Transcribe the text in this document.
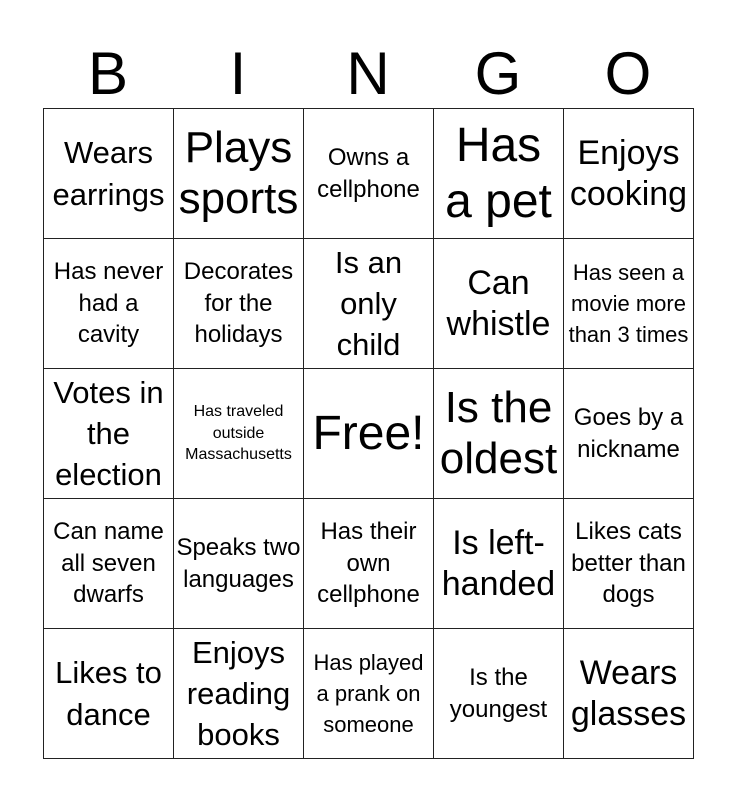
B	I	N	G	O
Wears earrings	Plays sports	Owns a cellphone	Has a pet	Enjoys cooking

Has never had a cavity	Decorates for the holidays	Is an only child	Can whistle	Has seen a movie more than 3 times

Votes in the election	Has traveled outside Massachusetts	Free!	Is the oldest	Goes by a nickname

Can name all seven dwarfs	Speaks two languages	Has their own cellphone	Is left-handed	Likes cats better than dogs

Likes to dance	Enjoys reading books	Has played a prank on someone	Is the youngest	Wears glasses
